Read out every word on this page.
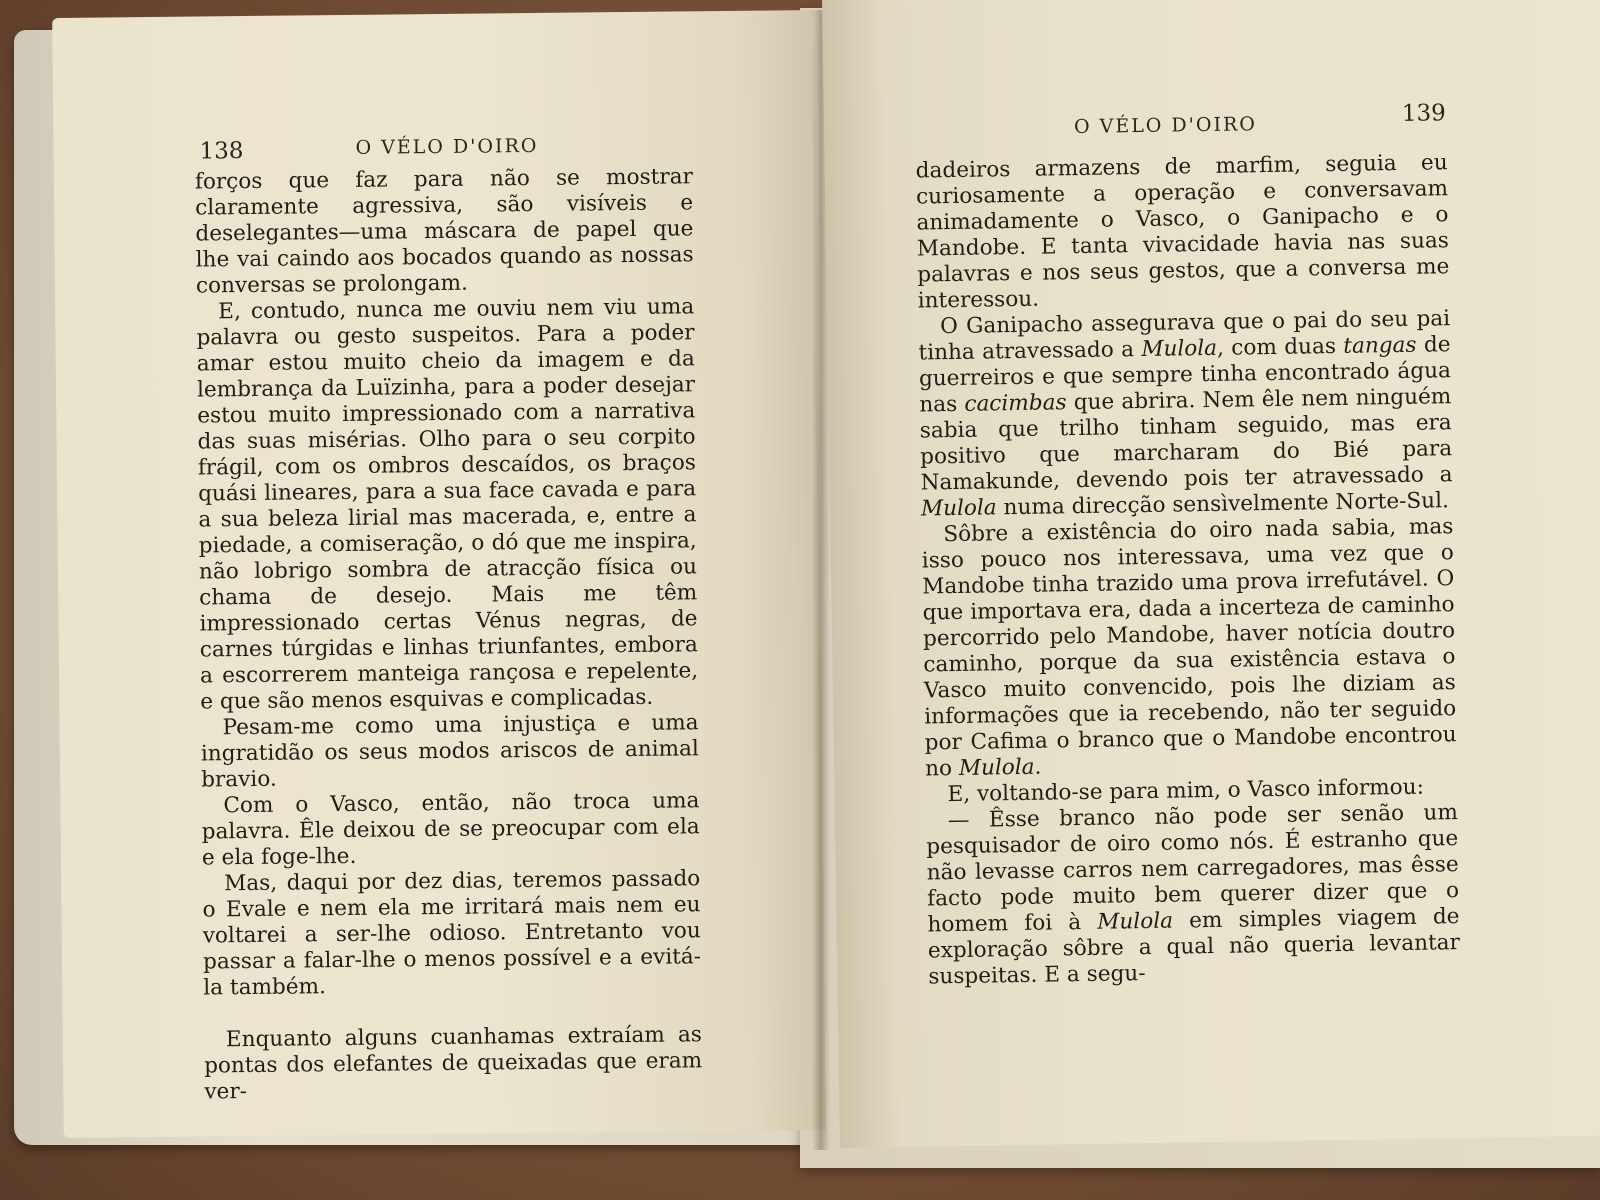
138	O VÉLO D'OIRO

forços que faz para não se mostrar claramente agressiva, são visíveis e deselegantes—uma máscara de papel que lhe vai caindo aos bocados quando as nossas conversas se prolongam.

E, contudo, nunca me ouviu nem viu uma palavra ou gesto suspeitos. Para a poder amar estou muito cheio da imagem e da lembrança da Luïzinha, para a poder desejar estou muito impressionado com a narrativa das suas misérias. Olho para o seu corpito frágil, com os ombros descaídos, os braços quási lineares, para a sua face cavada e para a sua beleza lirial mas macerada, e, entre a piedade, a comiseração, o dó que me inspira, não lobrigo sombra de atracção física ou chama de desejo. Mais me têm impressionado certas Vénus negras, de carnes túrgidas e linhas triunfantes, embora a escorrerem manteiga rançosa e repelente, e que são menos esquivas e complicadas.

Pesam-me como uma injustiça e uma ingratidão os seus modos ariscos de animal bravio.

Com o Vasco, então, não troca uma palavra. Êle deixou de se preocupar com ela e ela foge-lhe.

Mas, daqui por dez dias, teremos passado o Evale e nem ela me irritará mais nem eu voltarei a ser-lhe odioso. Entretanto vou passar a falar-lhe o menos possível e a evitá-la também.

Enquanto alguns cuanhamas extraíam as pontas dos elefantes de queixadas que eram ver-

O VÉLO D'OIRO	139

dadeiros armazens de marfim, seguia eu curiosamente a operação e conversavam animadamente o Vasco, o Ganipacho e o Mandobe. E tanta vivacidade havia nas suas palavras e nos seus gestos, que a conversa me interessou.

O Ganipacho assegurava que o pai do seu pai tinha atravessado a Mulola, com duas tangas de guerreiros e que sempre tinha encontrado água nas cacimbas que abrira. Nem êle nem ninguém sabia que trilho tinham seguido, mas era positivo que marcharam do Bié para Namakunde, devendo pois ter atravessado a Mulola numa direcção sensìvelmente Norte-Sul.

Sôbre a existência do oiro nada sabia, mas isso pouco nos interessava, uma vez que o Mandobe tinha trazido uma prova irrefutável. O que importava era, dada a incerteza de caminho percorrido pelo Mandobe, haver notícia doutro caminho, porque da sua existência estava o Vasco muito convencido, pois lhe diziam as informações que ia recebendo, não ter seguido por Cafima o branco que o Mandobe encontrou no Mulola.

E, voltando-se para mim, o Vasco informou:

— Êsse branco não pode ser senão um pesquisador de oiro como nós. É estranho que não levasse carros nem carregadores, mas êsse facto pode muito bem querer dizer que o homem foi à Mulola em simples viagem de exploração sôbre a qual não queria levantar suspeitas. E a segu-
